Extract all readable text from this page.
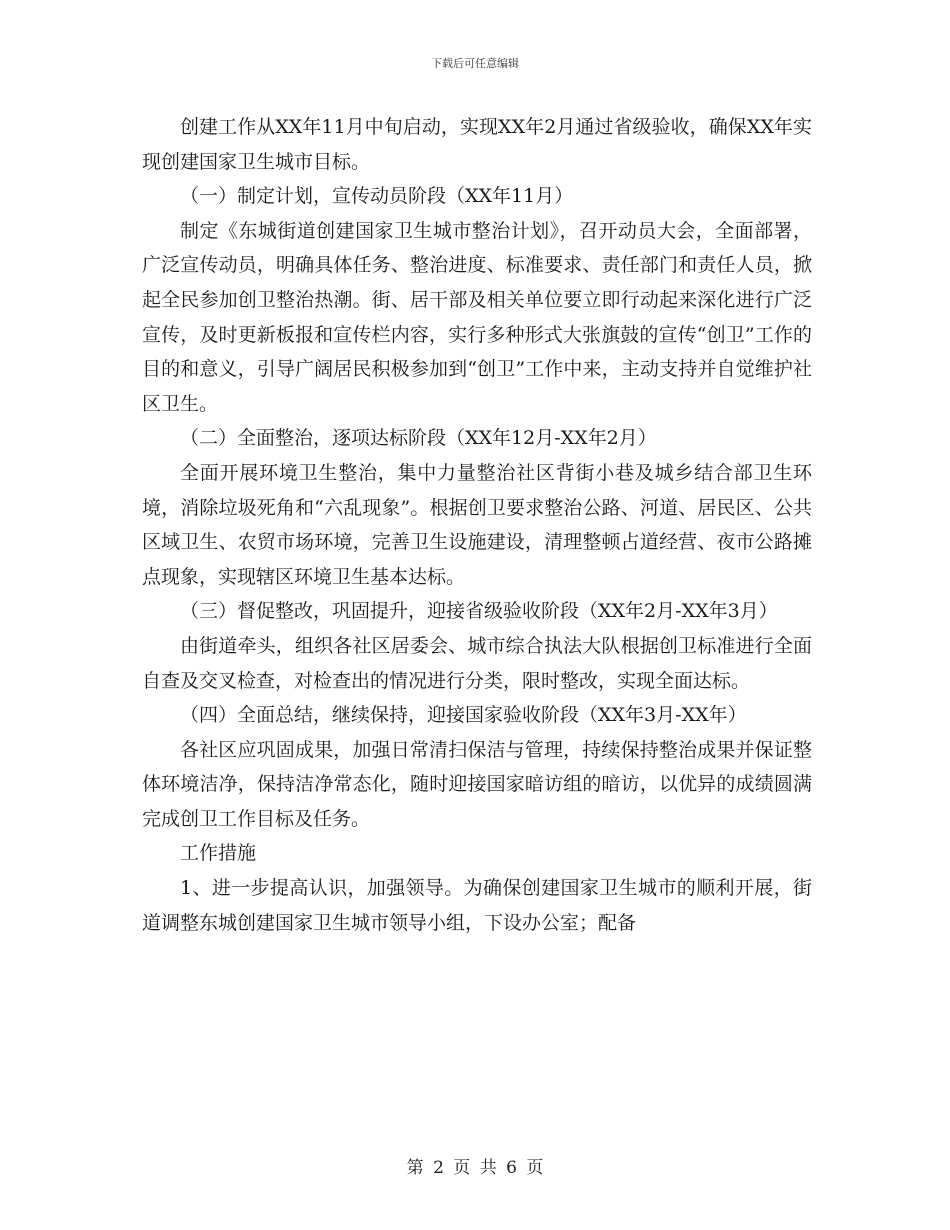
下载后可任意编辑

创建工作从XX年11月中旬启动，实现XX年2月通过省级验收，确保XX年实现创建国家卫生城市目标。

（一）制定计划，宣传动员阶段（XX年11月）

制定《东城街道创建国家卫生城市整治计划》，召开动员大会，全面部署，广泛宣传动员，明确具体任务、整治进度、标准要求、责任部门和责任人员，掀起全民参加创卫整治热潮。街、居干部及相关单位要立即行动起来深化进行广泛宣传，及时更新板报和宣传栏内容，实行多种形式大张旗鼓的宣传“创卫”工作的目的和意义，引导广阔居民积极参加到“创卫”工作中来，主动支持并自觉维护社区卫生。

（二）全面整治，逐项达标阶段（XX年12月-XX年2月）

全面开展环境卫生整治，集中力量整治社区背街小巷及城乡结合部卫生环境，消除垃圾死角和“六乱现象”。根据创卫要求整治公路、河道、居民区、公共区域卫生、农贸市场环境，完善卫生设施建设，清理整顿占道经营、夜市公路摊点现象，实现辖区环境卫生基本达标。

（三）督促整改，巩固提升，迎接省级验收阶段（XX年2月-XX年3月）

由街道牵头，组织各社区居委会、城市综合执法大队根据创卫标准进行全面自查及交叉检查，对检查出的情况进行分类，限时整改，实现全面达标。

（四）全面总结，继续保持，迎接国家验收阶段（XX年3月-XX年）

各社区应巩固成果，加强日常清扫保洁与管理，持续保持整治成果并保证整体环境洁净，保持洁净常态化，随时迎接国家暗访组的暗访，以优异的成绩圆满完成创卫工作目标及任务。

工作措施

1、进一步提高认识，加强领导。为确保创建国家卫生城市的顺利开展，街道调整东城创建国家卫生城市领导小组，下设办公室；配备

第 2 页 共 6 页
